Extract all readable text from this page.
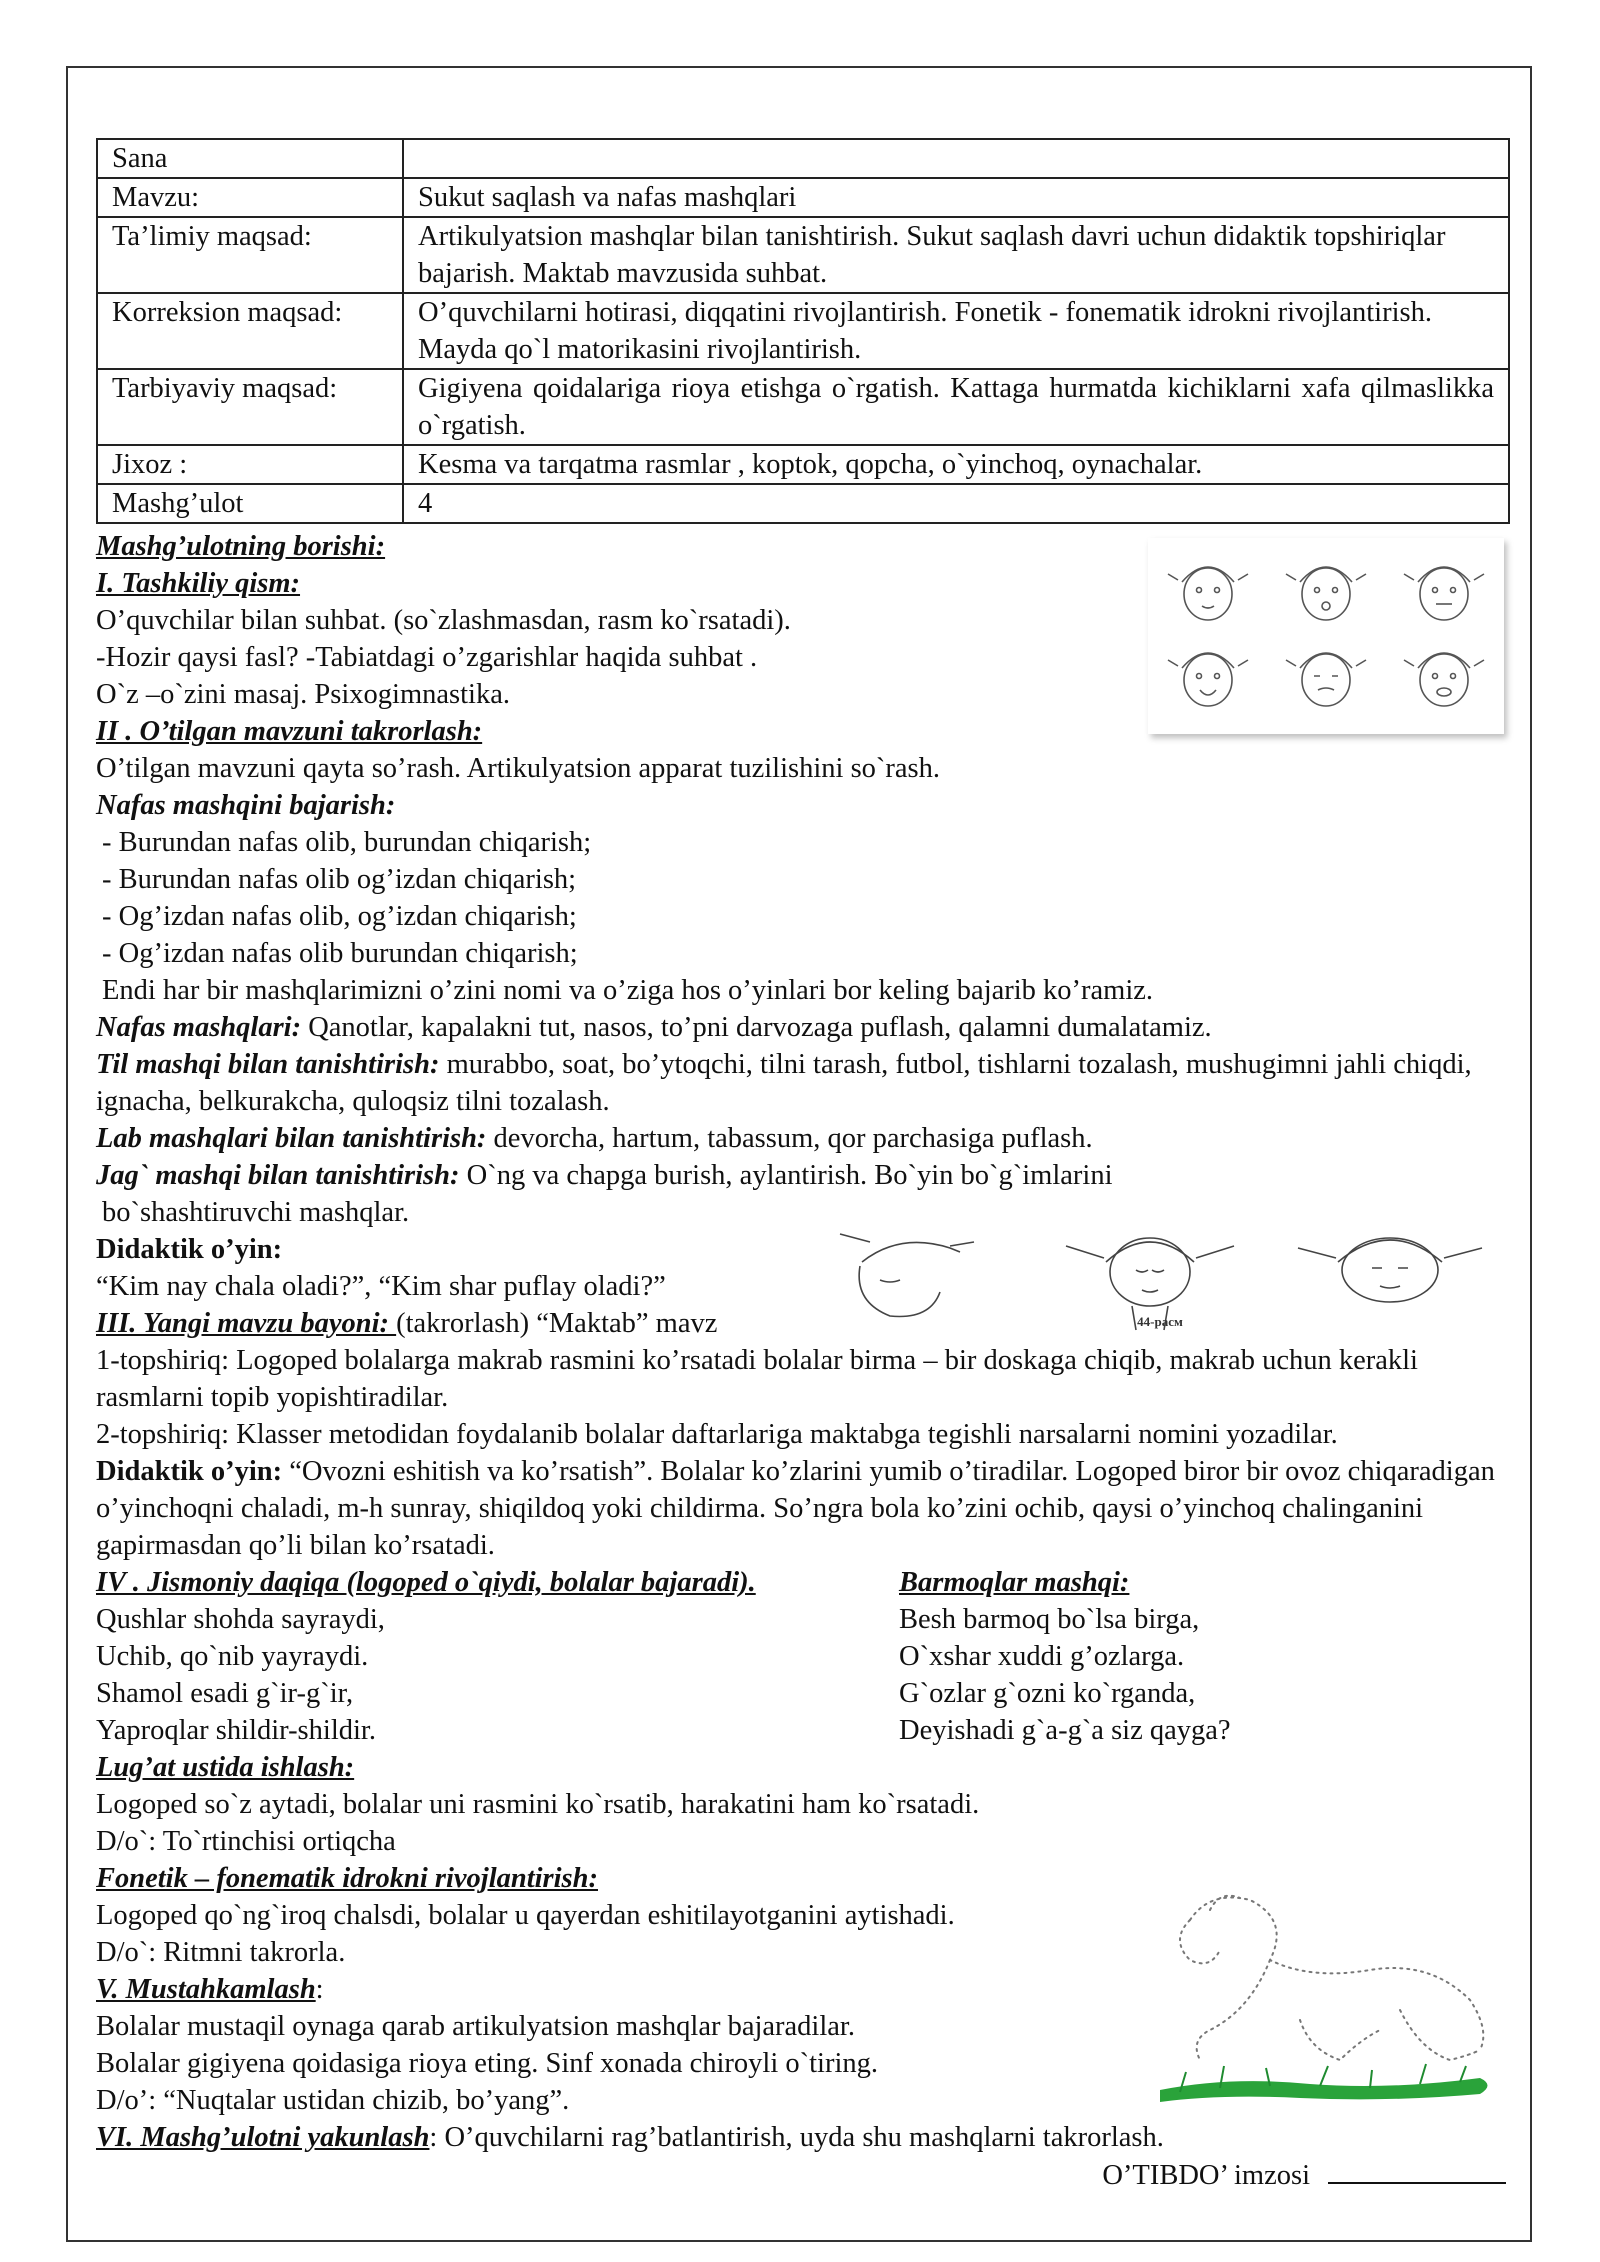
Sana	
Mavzu:	Sukut saqlash va nafas mashqlari
Ta’limiy maqsad:	Artikulyatsion mashqlar bilan tanishtirish. Sukut saqlash davri uchun didaktik topshiriqlar bajarish. Maktab mavzusida suhbat.
Korreksion maqsad:	O’quvchilarni hotirasi, diqqatini rivojlantirish. Fonetik - fonematik idrokni rivojlantirish. Mayda qo`l matorikasini rivojlantirish.
Tarbiyaviy maqsad:	Gigiyena qoidalariga rioya etishga o`rgatish. Kattaga hurmatda kichiklarni xafa qilmaslikka o`rgatish.
Jixoz :	Kesma va tarqatma rasmlar , koptok, qopcha, o`yinchoq, oynachalar.
Mashg’ulot	4

Mashg’ulotning borishi:

I. Tashkiliy qism:

O’quvchilar bilan suhbat. (so`zlashmasdan, rasm ko`rsatadi).

-Hozir qaysi fasl? -Tabiatdagi o’zgarishlar haqida suhbat .

O`z –o`zini masaj. Psixogimnastika.

II . O’tilgan mavzuni takrorlash:

O’tilgan mavzuni qayta so’rash. Artikulyatsion apparat tuzilishini so`rash.

Nafas mashqini bajarish:

- Burundan nafas olib, burundan chiqarish;

- Burundan nafas olib og’izdan chiqarish;

- Og’izdan nafas olib, og’izdan chiqarish;

- Og’izdan nafas olib burundan chiqarish;

Endi har bir mashqlarimizni o’zini nomi va o’ziga hos o’yinlari bor keling bajarib ko’ramiz.

Nafas mashqlari: Qanotlar, kapalakni tut, nasos, to’pni darvozaga puflash, qalamni dumalatamiz.

Til mashqi bilan tanishtirish: murabbo, soat, bo’ytoqchi, tilni tarash, futbol, tishlarni tozalash, mushugimni jahli chiqdi, ignacha, belkurakcha, quloqsiz tilni tozalash.

Lab mashqlari bilan tanishtirish: devorcha, hartum, tabassum, qor parchasiga puflash.

Jag` mashqi bilan tanishtirish: O`ng va chapga burish, aylantirish. Bo`yin bo`g`imlarini

bo`shashtiruvchi mashqlar.

Didaktik o’yin:

“Kim nay chala oladi?”, “Kim shar puflay oladi?”

III. Yangi mavzu bayoni: (takrorlash) “Maktab” mavz

1-topshiriq: Logoped bolalarga makrab rasmini ko’rsatadi bolalar birma – bir doskaga chiqib, makrab uchun kerakli rasmlarni topib yopishtiradilar.

2-topshiriq: Klasser metodidan foydalanib bolalar daftarlariga maktabga tegishli narsalarni nomini yozadilar.

Didaktik o’yin: “Ovozni eshitish va ko’rsatish”. Bolalar ko’zlarini yumib o’tiradilar. Logoped biror bir ovoz chiqaradigan o’yinchoqni chaladi, m-h sunray, shiqildoq yoki childirma. So’ngra bola ko’zini ochib, qaysi o’yinchoq chalinganini gapirmasdan qo’li bilan ko’rsatadi.

IV . Jismoniy daqiqa (logoped o`qiydi, bolalar bajaradi).	Barmoqlar mashqi:
Qushlar shohda sayraydi,	Besh barmoq bo`lsa birga,
Uchib, qo`nib yayraydi.	O`xshar xuddi g’ozlarga.
Shamol esadi g`ir-g`ir,	G`ozlar g`ozni ko`rganda,
Yaproqlar shildir-shildir.	Deyishadi g`a-g`a siz qayga?

Lug’at ustida ishlash:

Logoped so`z aytadi, bolalar uni rasmini ko`rsatib, harakatini ham ko`rsatadi.

D/o`: To`rtinchisi ortiqcha

Fonetik – fonematik idrokni rivojlantirish:

Logoped qo`ng`iroq chalsdi, bolalar u qayerdan eshitilayotganini aytishadi.

D/o`: Ritmni takrorla.

V. Mustahkamlash:

Bolalar mustaqil oynaga qarab artikulyatsion mashqlar bajaradilar.

Bolalar gigiyena qoidasiga rioya eting. Sinf xonada chiroyli o`tiring.

D/o’: “Nuqtalar ustidan chizib, bo’yang”.

VI. Mashg’ulotni yakunlash: O’quvchilarni rag’batlantirish, uyda shu mashqlarni takrorlash.

O’TIBDO’ imzosi

44-расм
